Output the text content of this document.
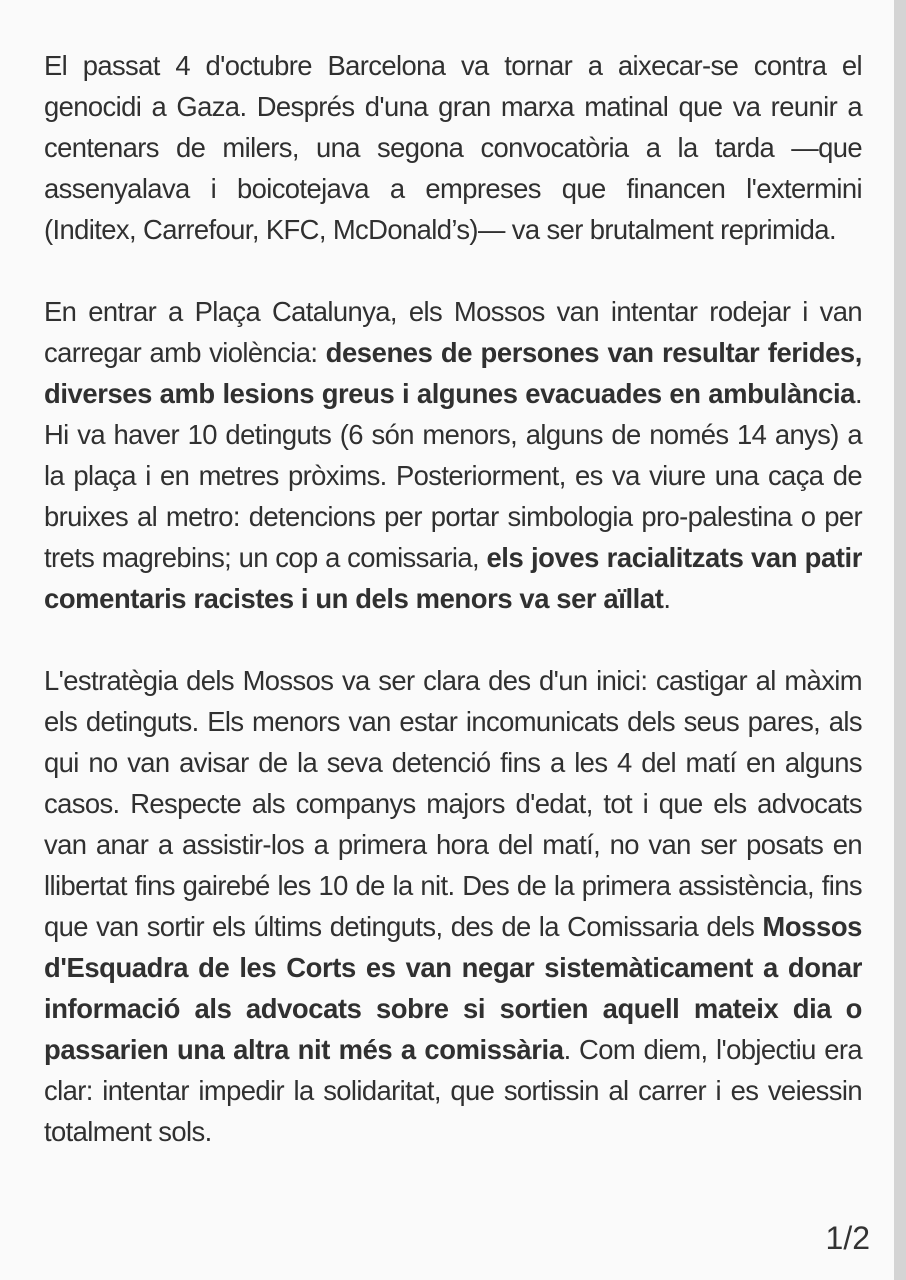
El passat 4 d'octubre Barcelona va tornar a aixecar-se contra el genocidi a Gaza. Després d'una gran marxa matinal que va reunir a centenars de milers, una segona convocatòria a la tarda —que assenyalava i boicotejava a empreses que financen l'extermini (Inditex, Carrefour, KFC, McDonald’s)— va ser brutalment reprimida.

En entrar a Plaça Catalunya, els Mossos van intentar rodejar i van carregar amb violència: desenes de persones van resultar ferides, diverses amb lesions greus i algunes evacuades en ambulància. Hi va haver 10 detinguts (6 són menors, alguns de només 14 anys) a la plaça i en metres pròxims. Posteriorment, es va viure una caça de bruixes al metro: detencions per portar simbologia pro-palestina o per trets magrebins; un cop a comissaria, els joves racialitzats van patir comentaris racistes i un dels menors va ser aïllat.

L'estratègia dels Mossos va ser clara des d'un inici: castigar al màxim els detinguts. Els menors van estar incomunicats dels seus pares, als qui no van avisar de la seva detenció fins a les 4 del matí en alguns casos. Respecte als companys majors d'edat, tot i que els advocats van anar a assistir-los a primera hora del matí, no van ser posats en llibertat fins gairebé les 10 de la nit. Des de la primera assistència, fins que van sortir els últims detinguts, des de la Comissaria dels Mossos d'Esquadra de les Corts es van negar sistemàticament a donar informació als advocats sobre si sortien aquell mateix dia o passarien una altra nit més a comissària. Com diem, l'objectiu era clar: intentar impedir la solidaritat, que sortissin al carrer i es veiessin totalment sols.

1/2
